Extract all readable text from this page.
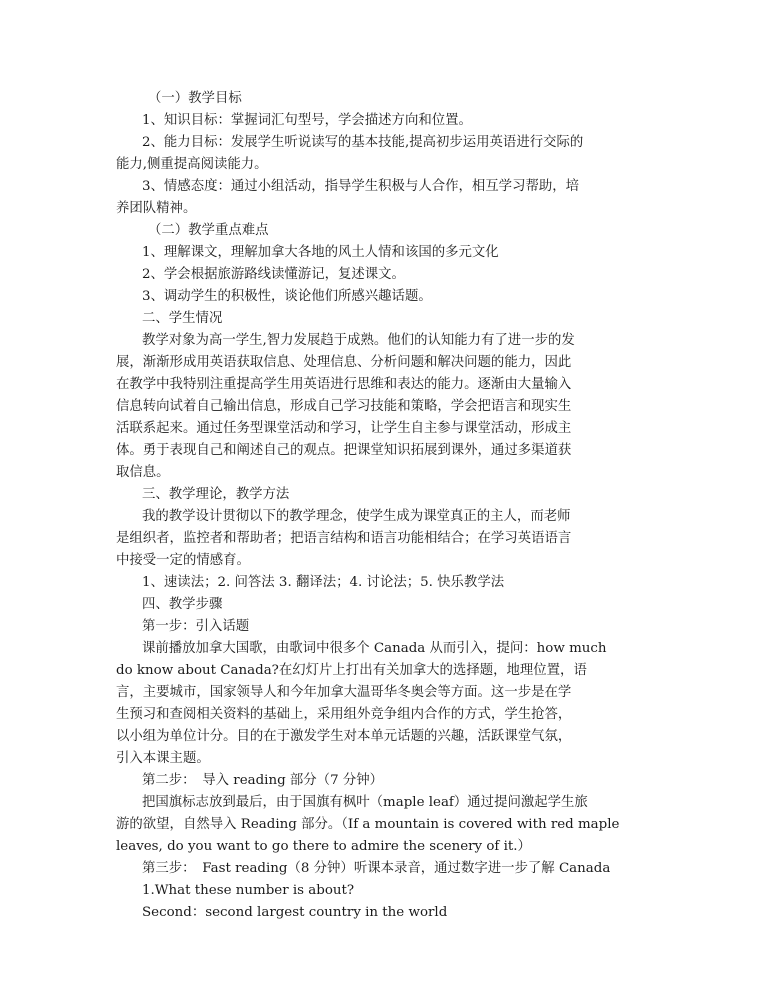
（一）教学目标
1、知识目标：掌握词汇句型号，学会描述方向和位置。
2、能力目标：发展学生听说读写的基本技能,提高初步运用英语进行交际的
能力,侧重提高阅读能力。
3、情感态度：通过小组活动，指导学生积极与人合作，相互学习帮助，培
养团队精神。
（二）教学重点难点
1、理解课文，理解加拿大各地的风土人情和该国的多元文化
2、学会根据旅游路线读懂游记，复述课文。
3、调动学生的积极性，谈论他们所感兴趣话题。
二、学生情况
教学对象为高一学生,智力发展趋于成熟。他们的认知能力有了进一步的发
展，渐渐形成用英语获取信息、处理信息、分析问题和解决问题的能力，因此
在教学中我特别注重提高学生用英语进行思维和表达的能力。逐渐由大量输入
信息转向试着自己输出信息，形成自己学习技能和策略，学会把语言和现实生
活联系起来。通过任务型课堂活动和学习，让学生自主参与课堂活动，形成主
体。勇于表现自己和阐述自己的观点。把课堂知识拓展到课外，通过多渠道获
取信息。
三、教学理论，教学方法
我的教学设计贯彻以下的教学理念，使学生成为课堂真正的主人，而老师
是组织者，监控者和帮助者；把语言结构和语言功能相结合；在学习英语语言
中接受一定的情感育。
1、速读法；2. 问答法 3. 翻译法；4. 讨论法；5. 快乐教学法
四、教学步骤
第一步：引入话题
课前播放加拿大国歌，由歌词中很多个 Canada 从而引入，提问：how much
do know about Canada?在幻灯片上打出有关加拿大的选择题，地理位置，语
言，主要城市，国家领导人和今年加拿大温哥华冬奥会等方面。这一步是在学
生预习和查阅相关资料的基础上，采用组外竞争组内合作的方式，学生抢答，
以小组为单位计分。目的在于激发学生对本单元话题的兴趣，活跃课堂气氛，
引入本课主题。
第二步：　导入 reading 部分（7 分钟）
把国旗标志放到最后，由于国旗有枫叶（maple leaf）通过提问激起学生旅
游的欲望，自然导入 Reading 部分。（If a mountain is covered with red maple
leaves, do you want to go there to admire the scenery of it.）
第三步：　Fast reading（8 分钟）听课本录音，通过数字进一步了解 Canada
1.What these number is about?
Second：second largest country in the world
